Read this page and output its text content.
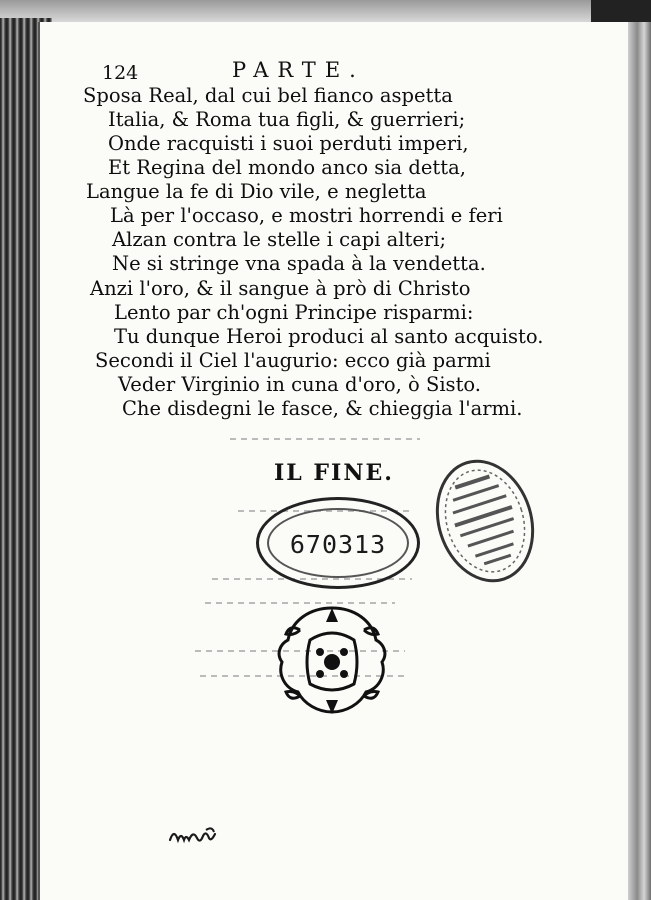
124	PARTE.
Sposa Real, dal cui bel fianco aspetta
Italia, & Roma tua figli, & guerrieri;
Onde racquisti i suoi perduti imperi,
Et Regina del mondo anco sia detta,
Langue la fe di Dio vile, e negletta
Là per l'occaso, e mostri horrendi e feri
Alzan contra le stelle i capi alteri;
Ne si stringe vna spada à la vendetta.
Anzi l'oro, & il sangue à prò di Christo
Lento par ch'ogni Principe risparmi:
Tu dunque Heroi produci al santo acquisto.
Secondi il Ciel l'augurio: ecco già parmi
Veder Virginio in cuna d'oro, ò Sisto.
Che disdegni le fasce, & chieggia l'armi.
IL FINE.
670313
